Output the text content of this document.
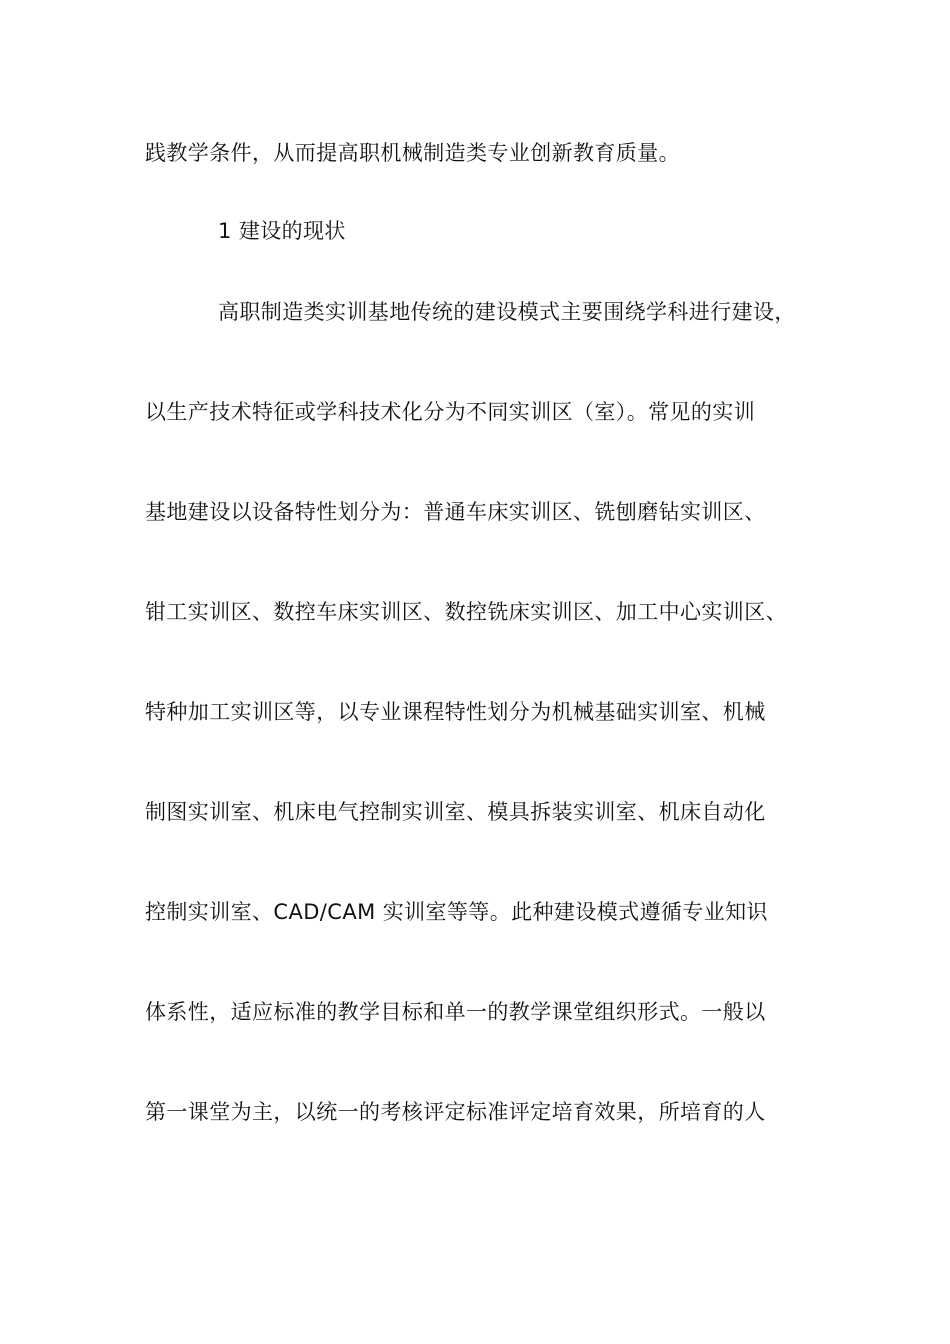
践教学条件，从而提高职机械制造类专业创新教育质量。
1 建设的现状
高职制造类实训基地传统的建设模式主要围绕学科进行建设，
以生产技术特征或学科技术化分为不同实训区（室）。常见的实训
基地建设以设备特性划分为：普通车床实训区、铣刨磨钻实训区、
钳工实训区、数控车床实训区、数控铣床实训区、加工中心实训区、
特种加工实训区等，以专业课程特性划分为机械基础实训室、机械
制图实训室、机床电气控制实训室、模具拆装实训室、机床自动化
控制实训室、CAD/CAM 实训室等等。此种建设模式遵循专业知识
体系性，适应标准的教学目标和单一的教学课堂组织形式。一般以
第一课堂为主，以统一的考核评定标准评定培育效果，所培育的人
